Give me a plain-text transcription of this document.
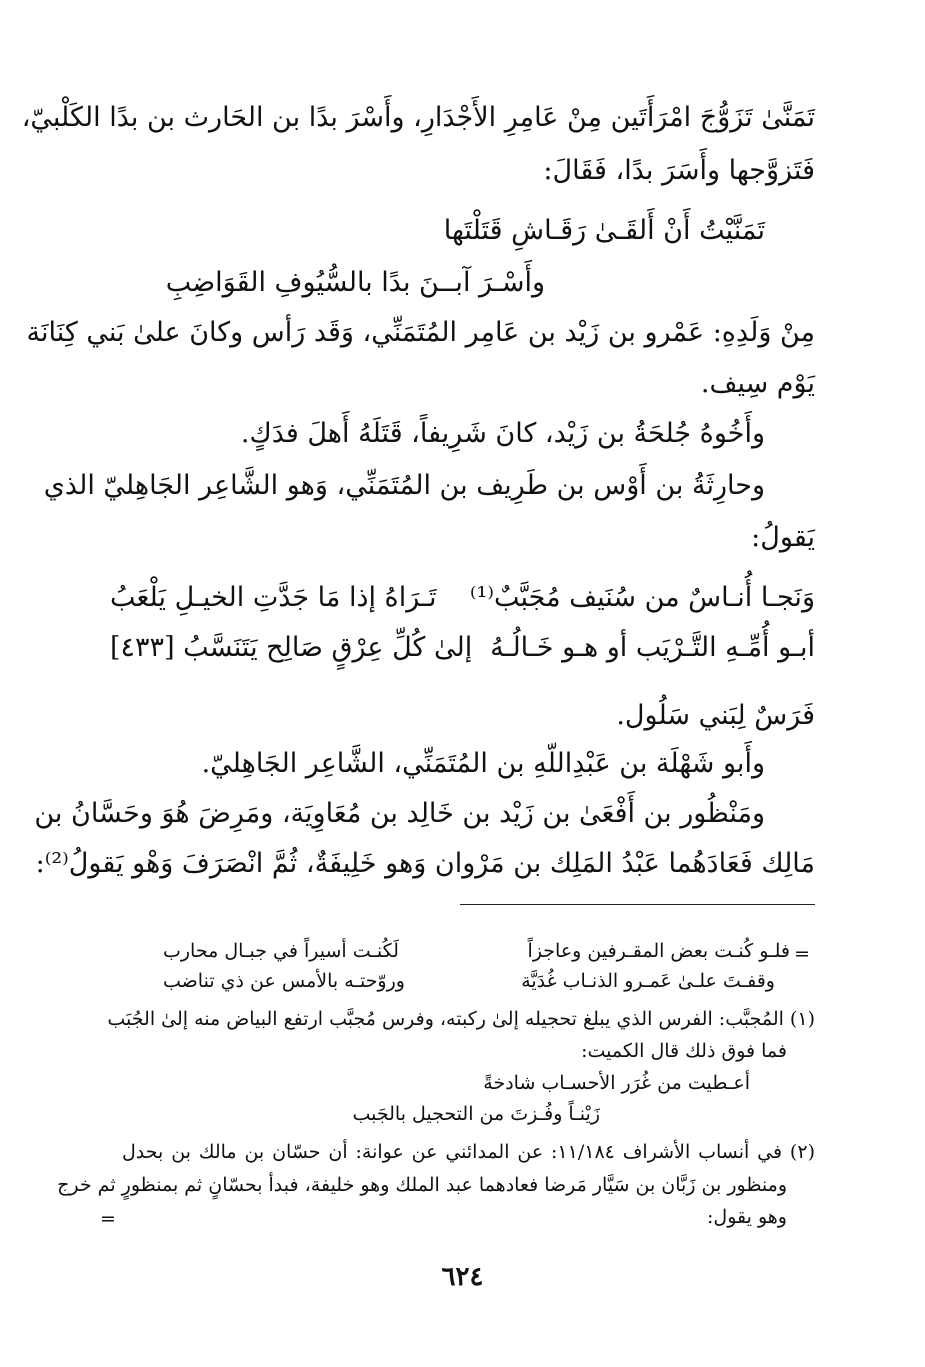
تَمَنَّىٰ تَزَوُّجَ امْرَأَتَين مِنْ عَامِرِ الأَجْدَارِ، وأَسْرَ بدًا بن الحَارث بن بدًا الكَلْبيّ،
فَتَزوَّجها وأَسَرَ بدًا، فَقَالَ:
تَمَنَّيْتُ أَنْ أَلقَـىٰ رَقَـاشِ قَتَلْتَها
وأَسْـرَ آبــنَ بدًا بالسُّيُوفِ القَوَاضِبِ
مِنْ وَلَدِهِ: عَمْرو بن زَيْد بن عَامِر المُتَمَنِّي، وَقَد رَأس وكانَ علىٰ بَني كِنَانَة
يَوْم سِيف.
وأَخُوهُ جُلحَةُ بن زَيْد، كانَ شَرِيفاً، قَتَلَهُ أَهلَ فدَكٍ.
وحارِثَةُ بن أَوْس بن طَرِيف بن المُتَمَنِّي، وَهو الشَّاعِر الجَاهِليّ الذي
يَقولُ:
وَنَجـا أُنـاسٌ من سُنَيف مُجَبَّبٌ⁽¹⁾
تَـرَاهُ إذا مَا جَدَّتِ الخيـلِ يَلْعَبُ
أبـو أُمِّـهِ التَّـرْيَب أو هـو خَـالُـهُ
إلىٰ كُلِّ عِرْقٍ صَالِح يَتَنَسَّبُ [٤٣٣]
فَرَسٌ لِبَني سَلُول.
وأَبو شَهْلَة بن عَبْدِاللّهِ بن المُتَمَنِّي، الشَّاعِر الجَاهِليّ.
ومَنْظُور بن أَفْعَىٰ بن زَيْد بن خَالِد بن مُعَاوِيَة، ومَرِضَ هُوَ وحَسَّانُ بن
مَالِك فَعَادَهُما عَبْدُ المَلِك بن مَرْوان وَهو خَلِيفَةٌ، ثُمَّ انْصَرَفَ وَهْو يَقولُ⁽²⁾:
=
فلـو كُنـت بعض المقـرفين وعاجزاً
لَكُنـت أسيراً في جبـال محارب
وقفـتَ علـىٰ عَمـرو الذنـاب غُدَيَّة
وروّحتـه بالأمس عن ذي تناضب
(١) المُجبَّب: الفرس الذي يبلغ تحجيله إلىٰ ركبته، وفرس مُجبَّب ارتفع البياض منه إلىٰ الجُبَب
فما فوق ذلك قال الكميت:
أعـطيت من غُرَر الأحسـاب شادخةً
زَيْنـاً وفُـزتَ من التحجيل بالجَبب
(٢) في أنساب الأشراف ١١/١٨٤: عن المدائني عن عوانة: أن حسّان بن مالك بن بحدل
ومنظور بن زَبَّان بن سَيَّار مَرضا فعادهما عبد الملك وهو خليفة، فبدأ بحسّانٍ ثم بمنظورٍ ثم خرج
وهو يقول:
=
٦٢٤
